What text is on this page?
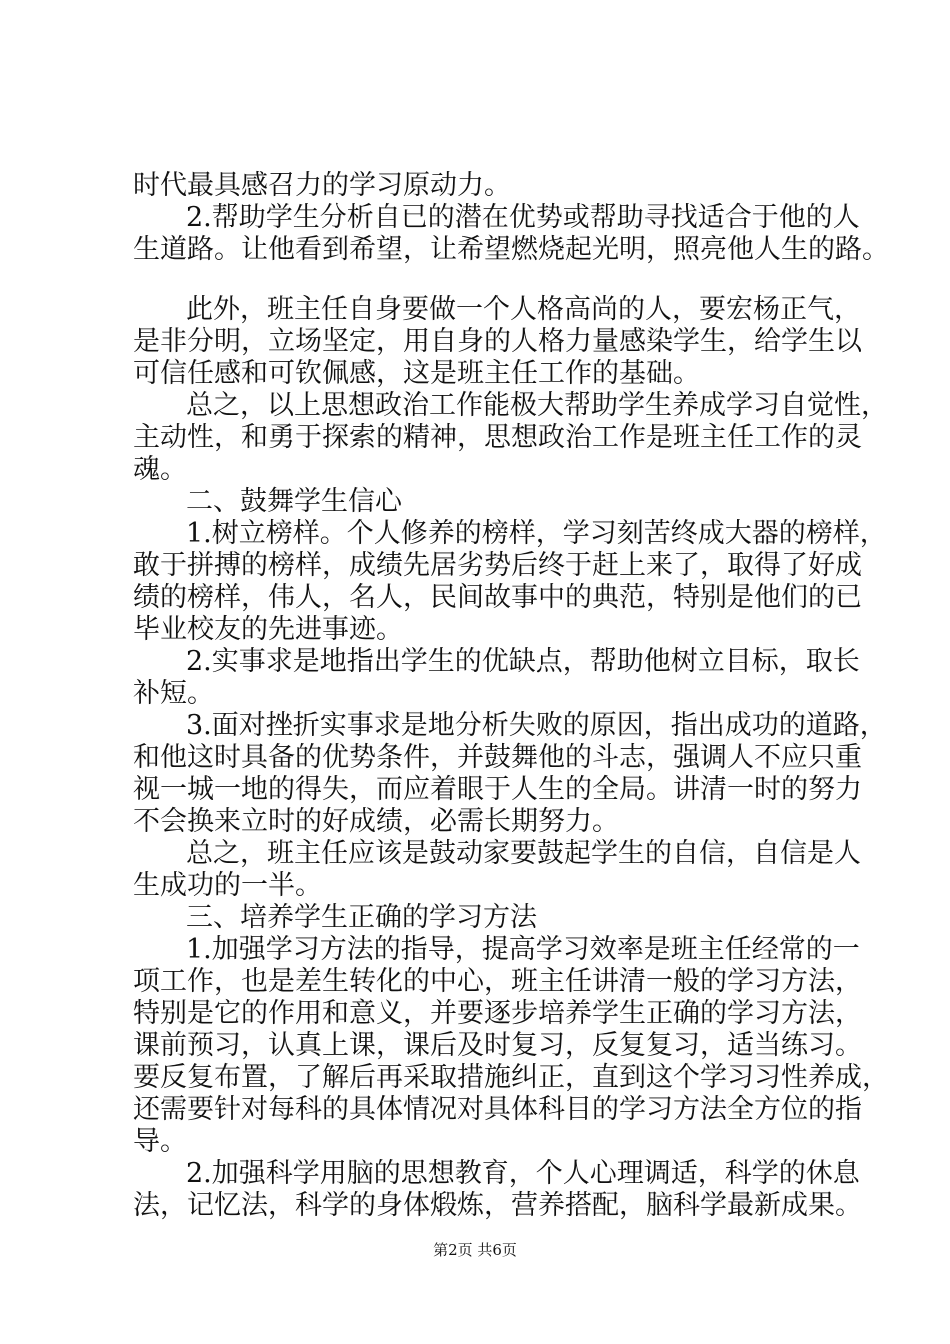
时代最具感召力的学习原动力。
2.帮助学生分析自已的潜在优势或帮助寻找适合于他的人
生道路。让他看到希望，让希望燃烧起光明，照亮他人生的路。
此外，班主任自身要做一个人格高尚的人，要宏杨正气，
是非分明，立场坚定，用自身的人格力量感染学生，给学生以
可信任感和可钦佩感，这是班主任工作的基础。
总之，以上思想政治工作能极大帮助学生养成学习自觉性，
主动性，和勇于探索的精神，思想政治工作是班主任工作的灵
魂。
二、鼓舞学生信心
1.树立榜样。个人修养的榜样，学习刻苦终成大器的榜样，
敢于拼搏的榜样，成绩先居劣势后终于赶上来了，取得了好成
绩的榜样，伟人，名人，民间故事中的典范，特别是他们的已
毕业校友的先进事迹。
2.实事求是地指出学生的优缺点，帮助他树立目标，取长
补短。
3.面对挫折实事求是地分析失败的原因，指出成功的道路，
和他这时具备的优势条件，并鼓舞他的斗志，强调人不应只重
视一城一地的得失，而应着眼于人生的全局。讲清一时的努力
不会换来立时的好成绩，必需长期努力。
总之，班主任应该是鼓动家要鼓起学生的自信，自信是人
生成功的一半。
三、培养学生正确的学习方法
1.加强学习方法的指导，提高学习效率是班主任经常的一
项工作，也是差生转化的中心，班主任讲清一般的学习方法，
特别是它的作用和意义，并要逐步培养学生正确的学习方法，
课前预习，认真上课，课后及时复习，反复复习，适当练习。
要反复布置，了解后再采取措施纠正，直到这个学习习性养成，
还需要针对每科的具体情况对具体科目的学习方法全方位的指
导。
2.加强科学用脑的思想教育，个人心理调适，科学的休息
法，记忆法，科学的身体煅炼，营养搭配，脑科学最新成果。
第2页 共6页
